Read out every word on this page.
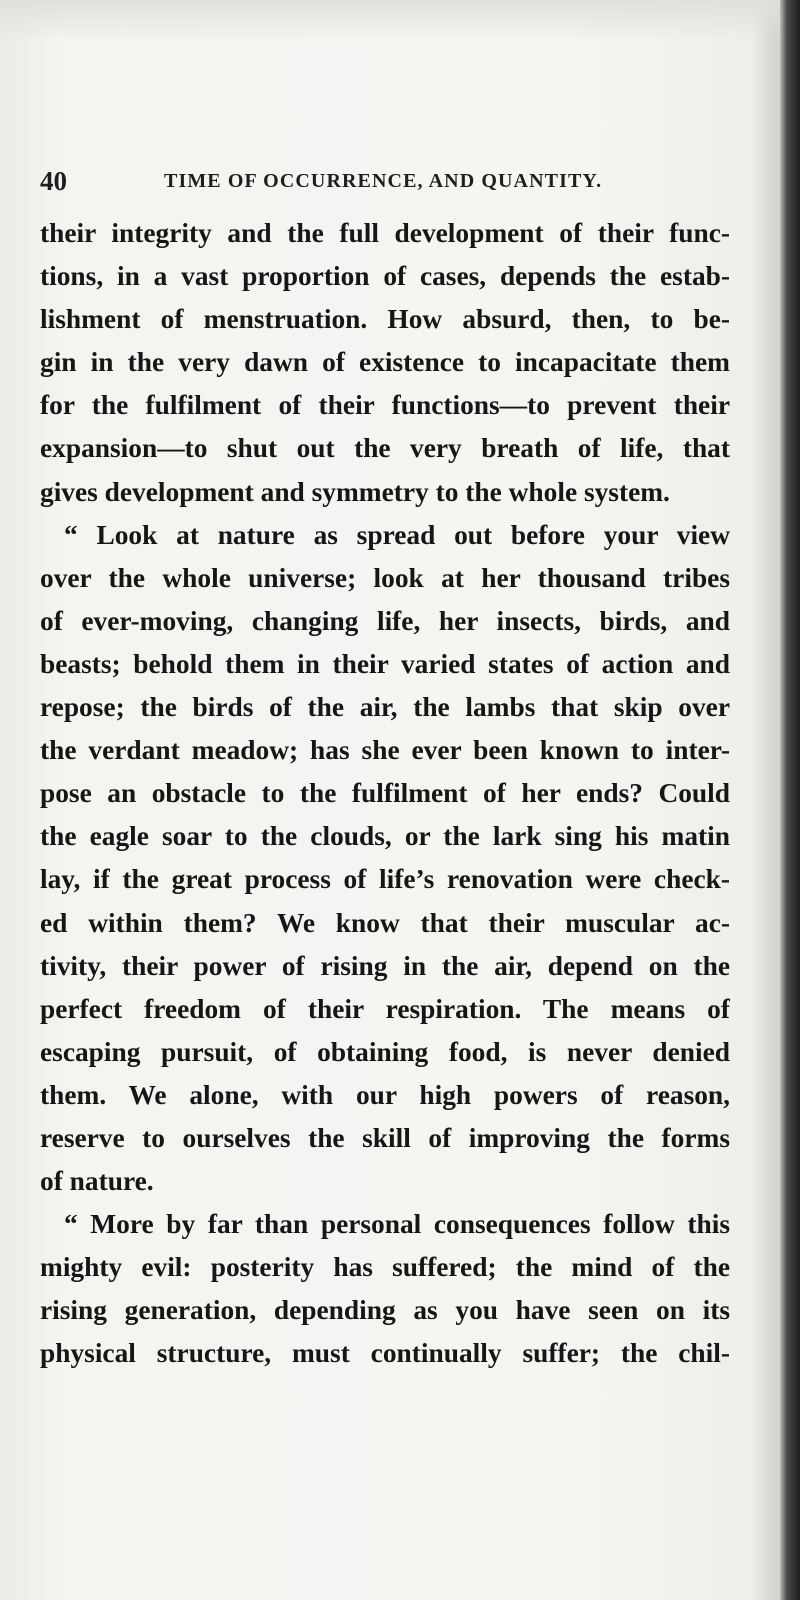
40	TIME OF OCCURRENCE, AND QUANTITY.
their integrity and the full development of their func-
tions, in a vast proportion of cases, depends the estab-
lishment of menstruation. How absurd, then, to be-
gin in the very dawn of existence to incapacitate them
for the fulfilment of their functions—to prevent their
expansion—to shut out the very breath of life, that
gives development and symmetry to the whole system.
“ Look at nature as spread out before your view
over the whole universe; look at her thousand tribes
of ever-moving, changing life, her insects, birds, and
beasts; behold them in their varied states of action and
repose; the birds of the air, the lambs that skip over
the verdant meadow; has she ever been known to inter-
pose an obstacle to the fulfilment of her ends? Could
the eagle soar to the clouds, or the lark sing his matin
lay, if the great process of life’s renovation were check-
ed within them? We know that their muscular ac-
tivity, their power of rising in the air, depend on the
perfect freedom of their respiration. The means of
escaping pursuit, of obtaining food, is never denied
them. We alone, with our high powers of reason,
reserve to ourselves the skill of improving the forms
of nature.
“ More by far than personal consequences follow this
mighty evil: posterity has suffered; the mind of the
rising generation, depending as you have seen on its
physical structure, must continually suffer; the chil-
